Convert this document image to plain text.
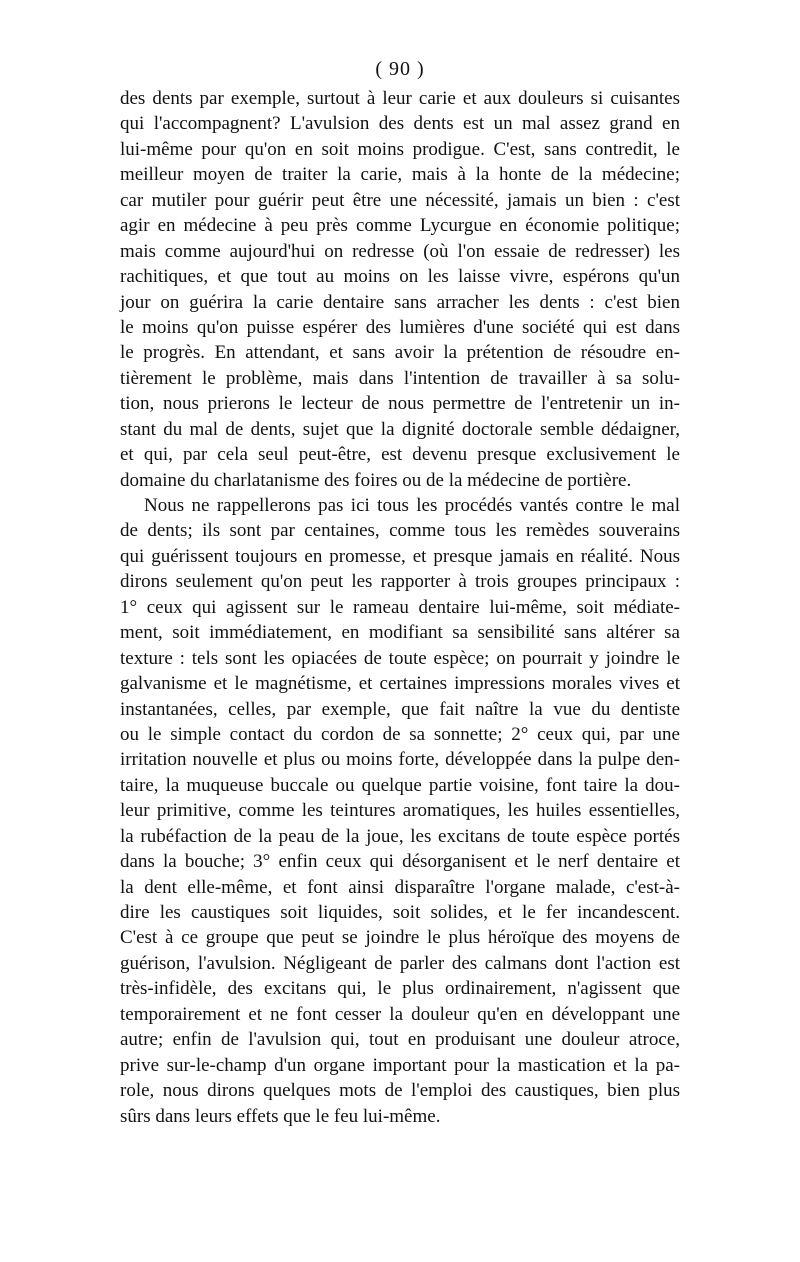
( 90 )
des dents par exemple, surtout à leur carie et aux douleurs si cuisantes
qui l'accompagnent? L'avulsion des dents est un mal assez grand en
lui-même pour qu'on en soit moins prodigue. C'est, sans contredit, le
meilleur moyen de traiter la carie, mais à la honte de la médecine;
car mutiler pour guérir peut être une nécessité, jamais un bien : c'est
agir en médecine à peu près comme Lycurgue en économie politique;
mais comme aujourd'hui on redresse (où l'on essaie de redresser) les
rachitiques, et que tout au moins on les laisse vivre, espérons qu'un
jour on guérira la carie dentaire sans arracher les dents : c'est bien
le moins qu'on puisse espérer des lumières d'une société qui est dans
le progrès. En attendant, et sans avoir la prétention de résoudre en-
tièrement le problème, mais dans l'intention de travailler à sa solu-
tion, nous prierons le lecteur de nous permettre de l'entretenir un in-
stant du mal de dents, sujet que la dignité doctorale semble dédaigner,
et qui, par cela seul peut-être, est devenu presque exclusivement le
domaine du charlatanisme des foires ou de la médecine de portière.
Nous ne rappellerons pas ici tous les procédés vantés contre le mal
de dents; ils sont par centaines, comme tous les remèdes souverains
qui guérissent toujours en promesse, et presque jamais en réalité. Nous
dirons seulement qu'on peut les rapporter à trois groupes principaux :
1° ceux qui agissent sur le rameau dentaire lui-même, soit médiate-
ment, soit immédiatement, en modifiant sa sensibilité sans altérer sa
texture : tels sont les opiacées de toute espèce; on pourrait y joindre le
galvanisme et le magnétisme, et certaines impressions morales vives et
instantanées, celles, par exemple, que fait naître la vue du dentiste
ou le simple contact du cordon de sa sonnette; 2° ceux qui, par une
irritation nouvelle et plus ou moins forte, développée dans la pulpe den-
taire, la muqueuse buccale ou quelque partie voisine, font taire la dou-
leur primitive, comme les teintures aromatiques, les huiles essentielles,
la rubéfaction de la peau de la joue, les excitans de toute espèce portés
dans la bouche; 3° enfin ceux qui désorganisent et le nerf dentaire et
la dent elle-même, et font ainsi disparaître l'organe malade, c'est-à-
dire les caustiques soit liquides, soit solides, et le fer incandescent.
C'est à ce groupe que peut se joindre le plus héroïque des moyens de
guérison, l'avulsion. Négligeant de parler des calmans dont l'action est
très-infidèle, des excitans qui, le plus ordinairement, n'agissent que
temporairement et ne font cesser la douleur qu'en en développant une
autre; enfin de l'avulsion qui, tout en produisant une douleur atroce,
prive sur-le-champ d'un organe important pour la mastication et la pa-
role, nous dirons quelques mots de l'emploi des caustiques, bien plus
sûrs dans leurs effets que le feu lui-même.
